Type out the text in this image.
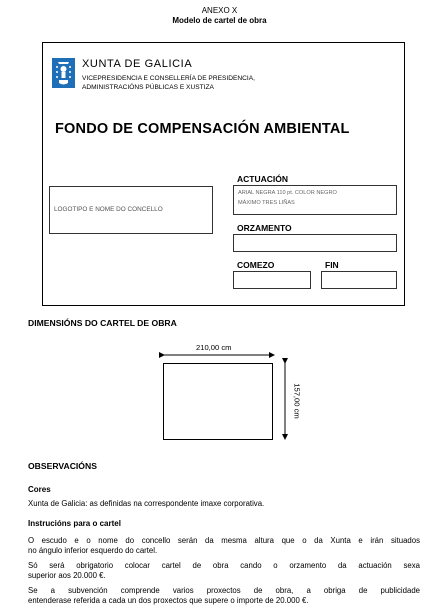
ANEXO X
Modelo de cartel de obra
XUNTA DE GALICIA
VICEPRESIDENCIA E CONSELLERÍA DE PRESIDENCIA,
ADMINISTRACIÓNS PÚBLICAS E XUSTIZA
FONDO DE COMPENSACIÓN AMBIENTAL
LOGOTIPO E NOME DO CONCELLO
ACTUACIÓN
ARIAL NEGRA 110 pt. COLOR NEGRO
MÁXIMO TRES LIÑAS
ORZAMENTO
COMEZO	FIN
DIMENSIÓNS DO CARTEL DE OBRA
210,00 cm
157,00 cm
OBSERVACIÓNS
Cores
Xunta de Galicia: as definidas na correspondente imaxe corporativa.
Instrucións para o cartel
O escudo e o nome do concello serán da mesma altura que o da Xunta e irán situados
no ángulo inferior esquerdo do cartel.
Só será obrigatorio colocar cartel de obra cando o orzamento da actuación sexa
superior aos 20.000 €.
Se a subvención comprende varios proxectos de obra, a obriga de publicidade
entenderase referida a cada un dos proxectos que supere o importe de 20.000 €.
